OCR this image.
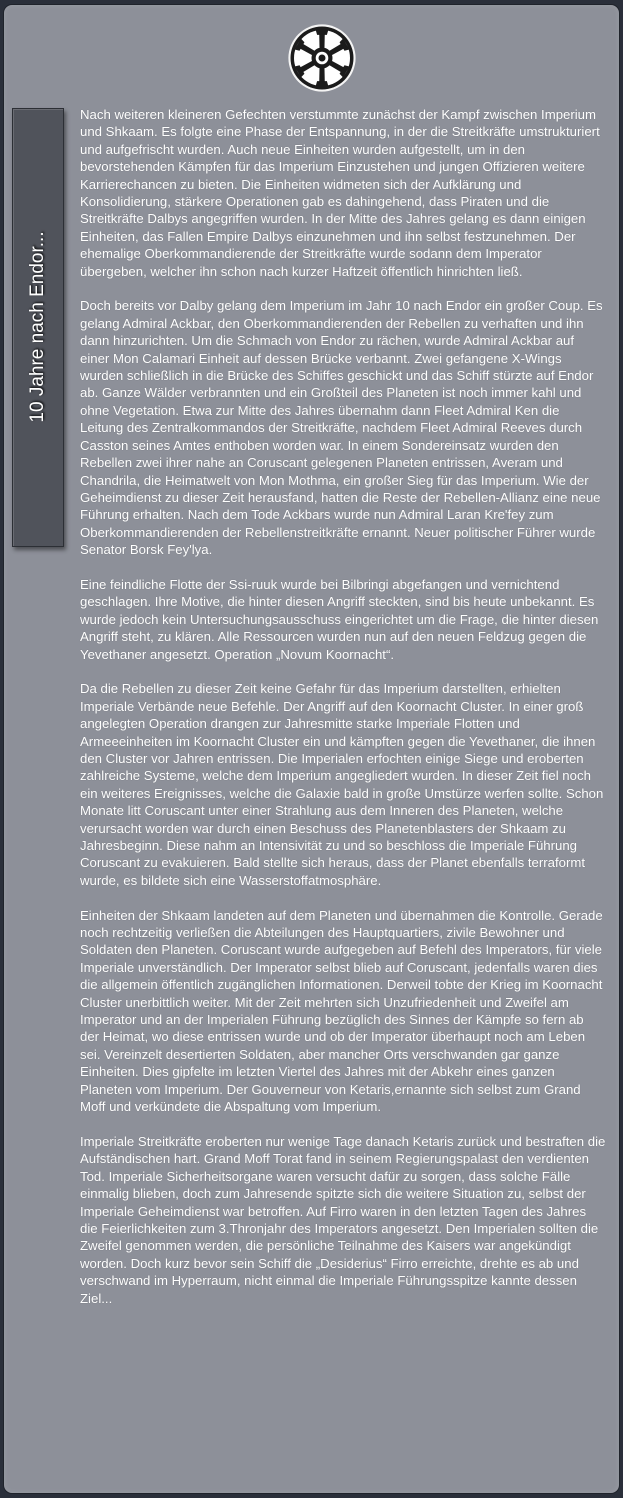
10 Jahre nach Endor...

Nach weiteren kleineren Gefechten verstummte zunächst der Kampf zwischen Imperium und Shkaam. Es folgte eine Phase der Entspannung, in der die Streitkräfte umstrukturiert und aufgefrischt wurden. Auch neue Einheiten wurden aufgestellt, um in den bevorstehenden Kämpfen für das Imperium Einzustehen und jungen Offizieren weitere Karrierechancen zu bieten. Die Einheiten widmeten sich der Aufklärung und Konsolidierung, stärkere Operationen gab es dahingehend, dass Piraten und die Streitkräfte Dalbys angegriffen wurden. In der Mitte des Jahres gelang es dann einigen Einheiten, das Fallen Empire Dalbys einzunehmen und ihn selbst festzunehmen. Der ehemalige Oberkommandierende der Streitkräfte wurde sodann dem Imperator übergeben, welcher ihn schon nach kurzer Haftzeit öffentlich hinrichten ließ.

Doch bereits vor Dalby gelang dem Imperium im Jahr 10 nach Endor ein großer Coup. Es gelang Admiral Ackbar, den Oberkommandierenden der Rebellen zu verhaften und ihn dann hinzurichten. Um die Schmach von Endor zu rächen, wurde Admiral Ackbar auf einer Mon Calamari Einheit auf dessen Brücke verbannt. Zwei gefangene X-Wings wurden schließlich in die Brücke des Schiffes geschickt und das Schiff stürzte auf Endor ab. Ganze Wälder verbrannten und ein Großteil des Planeten ist noch immer kahl und ohne Vegetation. Etwa zur Mitte des Jahres übernahm dann Fleet Admiral Ken die Leitung des Zentralkommandos der Streitkräfte, nachdem Fleet Admiral Reeves durch Casston seines Amtes enthoben worden war. In einem Sondereinsatz wurden den Rebellen zwei ihrer nahe an Coruscant gelegenen Planeten entrissen, Averam und Chandrila, die Heimatwelt von Mon Mothma, ein großer Sieg für das Imperium. Wie der Geheimdienst zu dieser Zeit herausfand, hatten die Reste der Rebellen-Allianz eine neue Führung erhalten. Nach dem Tode Ackbars wurde nun Admiral Laran Kre'fey zum Oberkommandierenden der Rebellenstreitkräfte ernannt. Neuer politischer Führer wurde Senator Borsk Fey'lya.

Eine feindliche Flotte der Ssi-ruuk wurde bei Bilbringi abgefangen und vernichtend geschlagen. Ihre Motive, die hinter diesen Angriff steckten, sind bis heute unbekannt. Es wurde jedoch kein Untersuchungsausschuss eingerichtet um die Frage, die hinter diesen Angriff steht, zu klären. Alle Ressourcen wurden nun auf den neuen Feldzug gegen die Yevethaner angesetzt. Operation „Novum Koornacht“.

Da die Rebellen zu dieser Zeit keine Gefahr für das Imperium darstellten, erhielten Imperiale Verbände neue Befehle. Der Angriff auf den Koornacht Cluster. In einer groß angelegten Operation drangen zur Jahresmitte starke Imperiale Flotten und Armeeeinheiten im Koornacht Cluster ein und kämpften gegen die Yevethaner, die ihnen den Cluster vor Jahren entrissen. Die Imperialen erfochten einige Siege und eroberten zahlreiche Systeme, welche dem Imperium angegliedert wurden. In dieser Zeit fiel noch ein weiteres Ereignisses, welche die Galaxie bald in große Umstürze werfen sollte. Schon Monate litt Coruscant unter einer Strahlung aus dem Inneren des Planeten, welche verursacht worden war durch einen Beschuss des Planetenblasters der Shkaam zu Jahresbeginn. Diese nahm an Intensivität zu und so beschloss die Imperiale Führung Coruscant zu evakuieren. Bald stellte sich heraus, dass der Planet ebenfalls terraformt wurde, es bildete sich eine Wasserstoffatmosphäre.

Einheiten der Shkaam landeten auf dem Planeten und übernahmen die Kontrolle. Gerade noch rechtzeitig verließen die Abteilungen des Hauptquartiers, zivile Bewohner und Soldaten den Planeten. Coruscant wurde aufgegeben auf Befehl des Imperators, für viele Imperiale unverständlich. Der Imperator selbst blieb auf Coruscant, jedenfalls waren dies die allgemein öffentlich zugänglichen Informationen. Derweil tobte der Krieg im Koornacht Cluster unerbittlich weiter. Mit der Zeit mehrten sich Unzufriedenheit und Zweifel am Imperator und an der Imperialen Führung bezüglich des Sinnes der Kämpfe so fern ab der Heimat, wo diese entrissen wurde und ob der Imperator überhaupt noch am Leben sei. Vereinzelt desertierten Soldaten, aber mancher Orts verschwanden gar ganze Einheiten. Dies gipfelte im letzten Viertel des Jahres mit der Abkehr eines ganzen Planeten vom Imperium. Der Gouverneur von Ketaris,ernannte sich selbst zum Grand Moff und verkündete die Abspaltung vom Imperium.

Imperiale Streitkräfte eroberten nur wenige Tage danach Ketaris zurück und bestraften die Aufständischen hart. Grand Moff Torat fand in seinem Regierungspalast den verdienten Tod. Imperiale Sicherheitsorgane waren versucht dafür zu sorgen, dass solche Fälle einmalig blieben, doch zum Jahresende spitzte sich die weitere Situation zu, selbst der Imperiale Geheimdienst war betroffen. Auf Firro waren in den letzten Tagen des Jahres die Feierlichkeiten zum 3.Thronjahr des Imperators angesetzt. Den Imperialen sollten die Zweifel genommen werden, die persönliche Teilnahme des Kaisers war angekündigt worden. Doch kurz bevor sein Schiff die „Desiderius“ Firro erreichte, drehte es ab und verschwand im Hyperraum, nicht einmal die Imperiale Führungsspitze kannte dessen Ziel...
